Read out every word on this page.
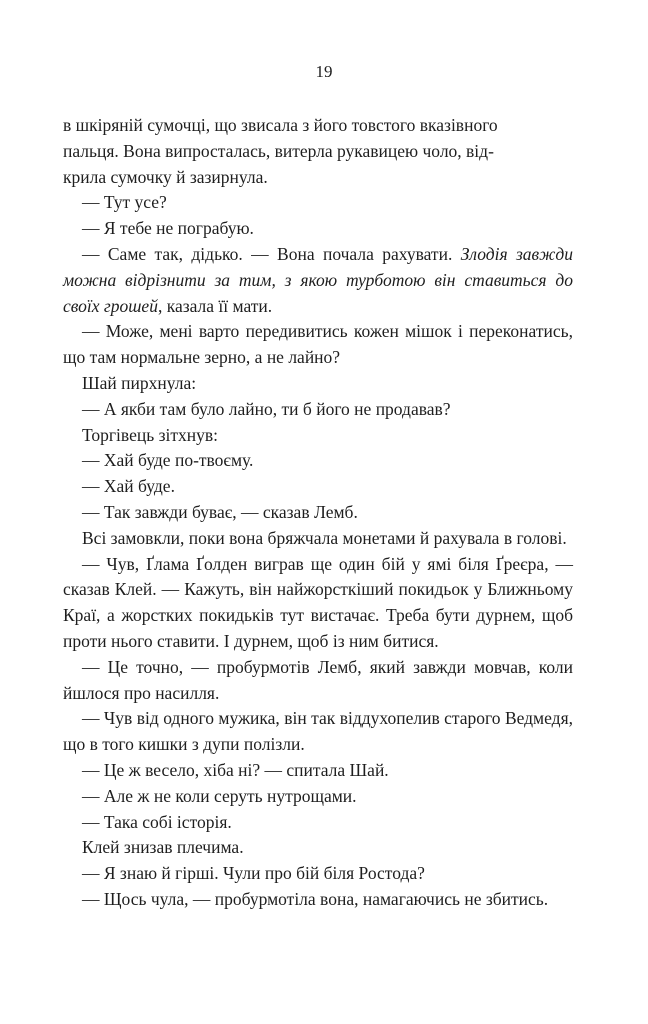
19

в шкіряній сумочці, що звисала з його товстого вказівного
пальця. Вона випросталась, витерла рукавицею чоло, від-
крила сумочку й зазирнула.

— Тут усе?

— Я тебе не пограбую.

— Саме так, дідько. — Вона почала рахувати. Злодія завжди можна відрізнити за тим, з якою турботою він ставиться до своїх грошей, казала її мати.

— Може, мені варто передивитись кожен мішок і переконатись, що там нормальне зерно, а не лайно?

Шай пирхнула:

— А якби там було лайно, ти б його не продавав?

Торгівець зітхнув:

— Хай буде по-твоєму.

— Хай буде.

— Так завжди буває, — сказав Лемб.

Всі замовкли, поки вона бряжчала монетами й рахувала в голові.

— Чув, Ґлама Ґолден виграв ще один бій у ямі біля Ґреєра, — сказав Клей. — Кажуть, він найжорсткіший покидьок у Ближньому Краї, а жорстких покидьків тут вистачає. Треба бути дурнем, щоб проти нього ставити. І дурнем, щоб із ним битися.

— Це точно, — пробурмотів Лемб, який завжди мовчав, коли йшлося про насилля.

— Чув від одного мужика, він так віддухопелив старого Ведмедя, що в того кишки з дупи полізли.

— Це ж весело, хіба ні? — спитала Шай.

— Але ж не коли серуть нутрощами.

— Така собі історія.

Клей знизав плечима.

— Я знаю й гірші. Чули про бій біля Ростода?

— Щось чула, — пробурмотіла вона, намагаючись не збитись.
